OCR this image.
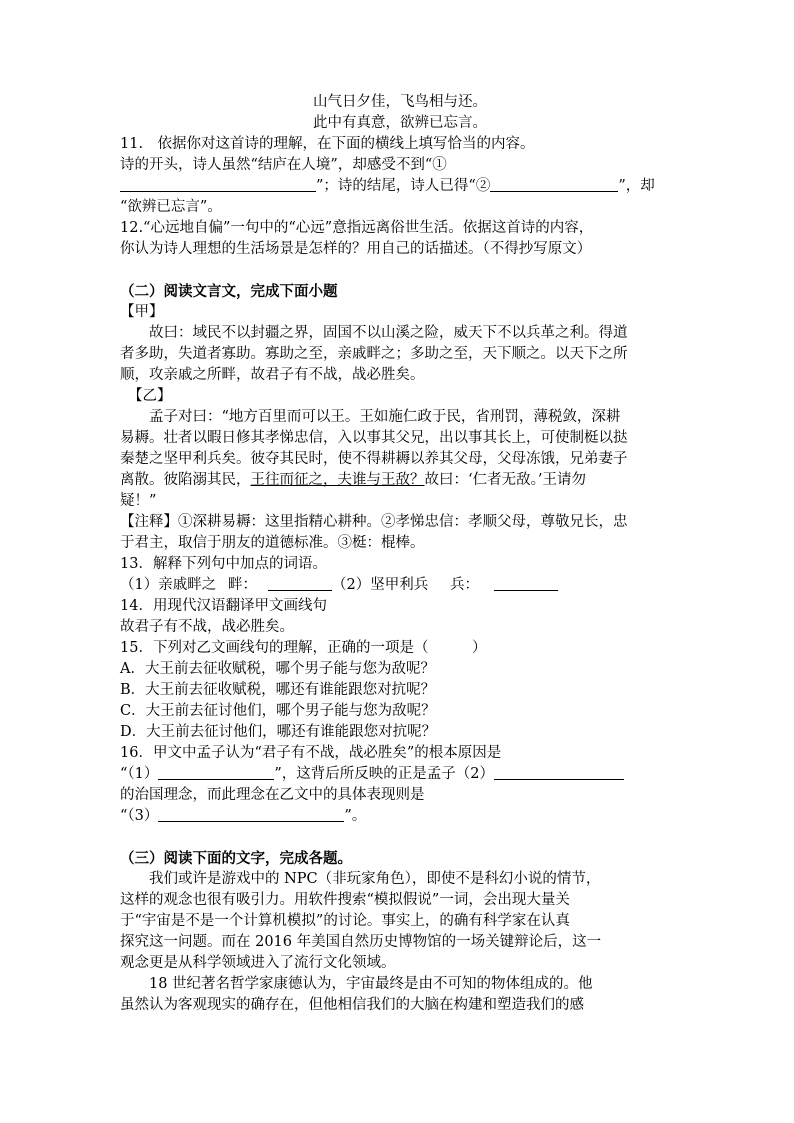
山气日夕佳，飞鸟相与还。
此中有真意，欲辨已忘言。
11.　依据你对这首诗的理解，在下面的横线上填写恰当的内容。
诗的开头，诗人虽然“结庐在人境”，却感受不到“①
”；诗的结尾，诗人已得“②	”，却
“欲辨已忘言”。
12.“心远地自偏”一句中的“心远”意指远离俗世生活。依据这首诗的内容，
你认为诗人理想的生活场景是怎样的？用自己的话描述。（不得抄写原文）
（二）阅读文言文，完成下面小题
【甲】
故曰：域民不以封疆之界，固国不以山溪之险，威天下不以兵革之利。得道
者多助，失道者寡助。寡助之至，亲戚畔之；多助之至，天下顺之。以天下之所
顺，攻亲戚之所畔，故君子有不战，战必胜矣。
【乙】
孟子对曰：“地方百里而可以王。王如施仁政于民，省刑罚，薄税敛，深耕
易耨。壮者以暇日修其孝悌忠信，入以事其父兄，出以事其长上，可使制梃以挞
秦楚之坚甲利兵矣。彼夺其民时，使不得耕耨以养其父母，父母冻饿，兄弟妻子
离散。彼陷溺其民，王往而征之，夫谁与王敌？故曰：‘仁者无敌。’王请勿
疑！”
【注释】①深耕易耨：这里指精心耕种。②孝悌忠信：孝顺父母，尊敬兄长，忠
于君主，取信于朋友的道德标准。③梃：棍棒。
13．解释下列句中加点的词语。
（1）亲戚畔之 畔：	（2）坚甲利兵 兵：
14．用现代汉语翻译甲文画线句
故君子有不战，战必胜矣。
15．下列对乙文画线句的理解，正确的一项是（　　　）
A．大王前去征收赋税，哪个男子能与您为敌呢？
B．大王前去征收赋税，哪还有谁能跟您对抗呢？
C．大王前去征讨他们，哪个男子能与您为敌呢？
D．大王前去征讨他们，哪还有谁能跟您对抗呢？
16．甲文中孟子认为“君子有不战，战必胜矣”的根本原因是
“（1）	”，这背后所反映的正是孟子（2）
的治国理念，而此理念在乙文中的具体表现则是
“（3）	”。
（三）阅读下面的文字，完成各题。
我们或许是游戏中的 NPC（非玩家角色），即使不是科幻小说的情节，
这样的观念也很有吸引力。用软件搜索“模拟假说”一词，会出现大量关
于“宇宙是不是一个计算机模拟”的讨论。事实上，的确有科学家在认真
探究这一问题。而在 2016 年美国自然历史博物馆的一场关键辩论后，这一
观念更是从科学领域进入了流行文化领域。
18 世纪著名哲学家康德认为，宇宙最终是由不可知的物体组成的。他
虽然认为客观现实的确存在，但他相信我们的大脑在构建和塑造我们的感
